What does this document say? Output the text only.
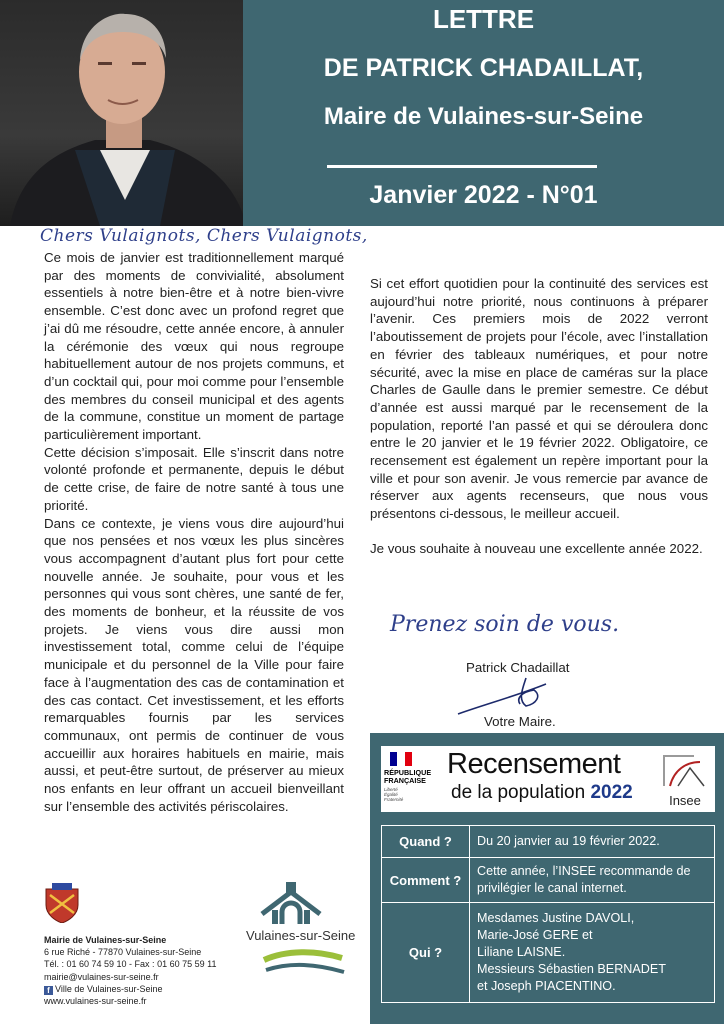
LETTRE
DE PATRICK CHADAILLAT,
Maire de Vulaines-sur-Seine
Janvier 2022 - N°01
Chers Vulaignots, Chers Vulaignots,

Ce mois de janvier est traditionnellement marqué par des moments de convivialité, absolument essentiels à notre bien-être et à notre bien-vivre ensemble. C’est donc avec un profond regret que j’ai dû me résoudre, cette année encore, à annuler la cérémonie des vœux qui nous regroupe habituellement autour de nos projets communs, et d’un cocktail qui, pour moi comme pour l’ensemble des membres du conseil municipal et des agents de la commune, constitue un moment de partage particulièrement important.

Cette décision s’imposait. Elle s’inscrit dans notre volonté profonde et permanente, depuis le début de cette crise, de faire de notre santé à tous une priorité.

Dans ce contexte, je viens vous dire aujourd’hui que nos pensées et nos vœux les plus sincères vous accompagnent d’autant plus fort pour cette nouvelle année. Je souhaite, pour vous et les personnes qui vous sont chères, une santé de fer, des moments de bonheur, et la réussite de vos projets. Je viens vous dire aussi mon investissement total, comme celui de l’équipe municipale et du personnel de la Ville pour faire face à l’augmentation des cas de contamination et des cas contact. Cet investissement, et les efforts remarquables fournis par les services communaux, ont permis de continuer de vous accueillir aux horaires habituels en mairie, mais aussi, et peut-être surtout, de préserver au mieux nos enfants en leur offrant un accueil bienveillant sur l’ensemble des activités périscolaires.

Si cet effort quotidien pour la continuité des services est aujourd’hui notre priorité, nous continuons à préparer l’avenir. Ces premiers mois de 2022 verront l’aboutissement de projets pour l’école, avec l’installation en février des tableaux numériques, et pour notre sécurité, avec la mise en place de caméras sur la place Charles de Gaulle dans le premier semestre. Ce début d’année est aussi marqué par le recensement de la population, reporté l’an passé et qui se déroulera donc entre le 20 janvier et le 19 février 2022. Obligatoire, ce recensement est également un repère important pour la ville et pour son avenir. Je vous remercie par avance de réserver aux agents recenseurs, que nous vous présentons ci-dessous, le meilleur accueil.

Je vous souhaite à nouveau une excellente année 2022.

Prenez soin de vous.
Patrick Chadaillat
Votre Maire.
RÉPUBLIQUE
FRANÇAISE
Liberté
Égalité
Fraternité
Recensement
de la population 2022	Insee
Quand ?	Du 20 janvier au 19 février 2022.
Comment ?	Cette année, l’INSEE recommande de privilégier le canal internet.
Qui ?	Mesdames Justine DAVOLI,
Marie-José GERE et
Liliane LAISNE.
Messieurs Sébastien BERNADET
et Joseph PIACENTINO.
Mairie de Vulaines-sur-Seine
6 rue Riché - 77870 Vulaines-sur-Seine
Tél. : 01 60 74 59 10 - Fax : 01 60 75 59 11
mairie@vulaines-sur-seine.fr
f Ville de Vulaines-sur-Seine
www.vulaines-sur-seine.fr
Vulaines-sur-Seine
